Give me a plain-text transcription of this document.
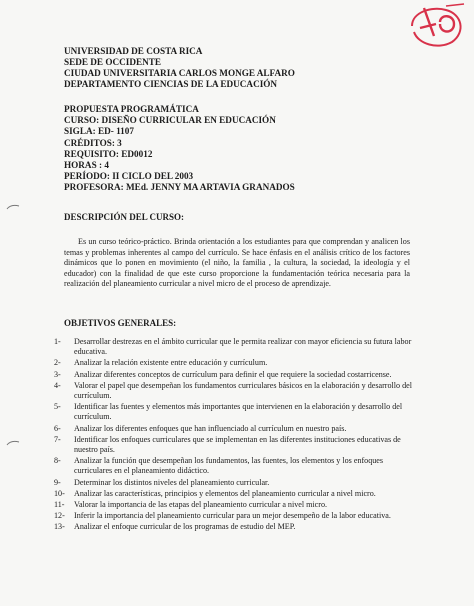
UNIVERSIDAD DE COSTA RICA
SEDE DE OCCIDENTE
CIUDAD UNIVERSITARIA CARLOS MONGE ALFARO
DEPARTAMENTO CIENCIAS DE LA EDUCACIÓN
PROPUESTA PROGRAMÁTICA
CURSO: DISEÑO CURRICULAR EN EDUCACIÓN
SIGLA: ED- 1107
CRÉDITOS: 3
REQUISITO: ED0012
HORAS : 4
PERÍODO: II CICLO DEL 2003
PROFESORA: MEd. JENNY MA ARTAVIA GRANADOS
DESCRIPCIÓN DEL CURSO:
Es un curso teórico-práctico. Brinda orientación a los estudiantes para que comprendan y analicen los temas y problemas inherentes al campo del currículo. Se hace énfasis en el análisis crítico de los factores dinámicos que lo ponen en movimiento (el niño, la familia , la cultura, la sociedad, la ideología y el educador) con la finalidad de que este curso proporcione la fundamentación teórica necesaria para la realización del planeamiento curricular a nivel micro de el proceso de aprendizaje.
OBJETIVOS GENERALES:
1- Desarrollar destrezas en el ámbito curricular que le permita realizar con mayor eficiencia su futura labor educativa.
2- Analizar la relación existente entre educación y currículum.
3- Analizar diferentes conceptos de currículum para definir el que requiere la sociedad costarricense.
4- Valorar el papel que desempeñan los fundamentos curriculares básicos en la elaboración y desarrollo del currículum.
5- Identificar las fuentes y elementos más importantes que intervienen en la elaboración y desarrollo del currículum.
6- Analizar los diferentes enfoques que han influenciado al currículum en nuestro país.
7- Identificar los enfoques curriculares que se implementan en las diferentes instituciones educativas de nuestro país.
8- Analizar la función que desempeñan los fundamentos, las fuentes, los elementos y los enfoques curriculares en el planeamiento didáctico.
9- Determinar los distintos niveles del planeamiento curricular.
10- Analizar las características, principios y elementos del planeamiento curricular a nivel micro.
11- Valorar la importancia de las etapas del planeamiento curricular a nivel micro.
12- Inferir la importancia del planeamiento curricular para un mejor desempeño de la labor educativa.
13- Analizar el enfoque curricular de los programas de estudio del MEP.
